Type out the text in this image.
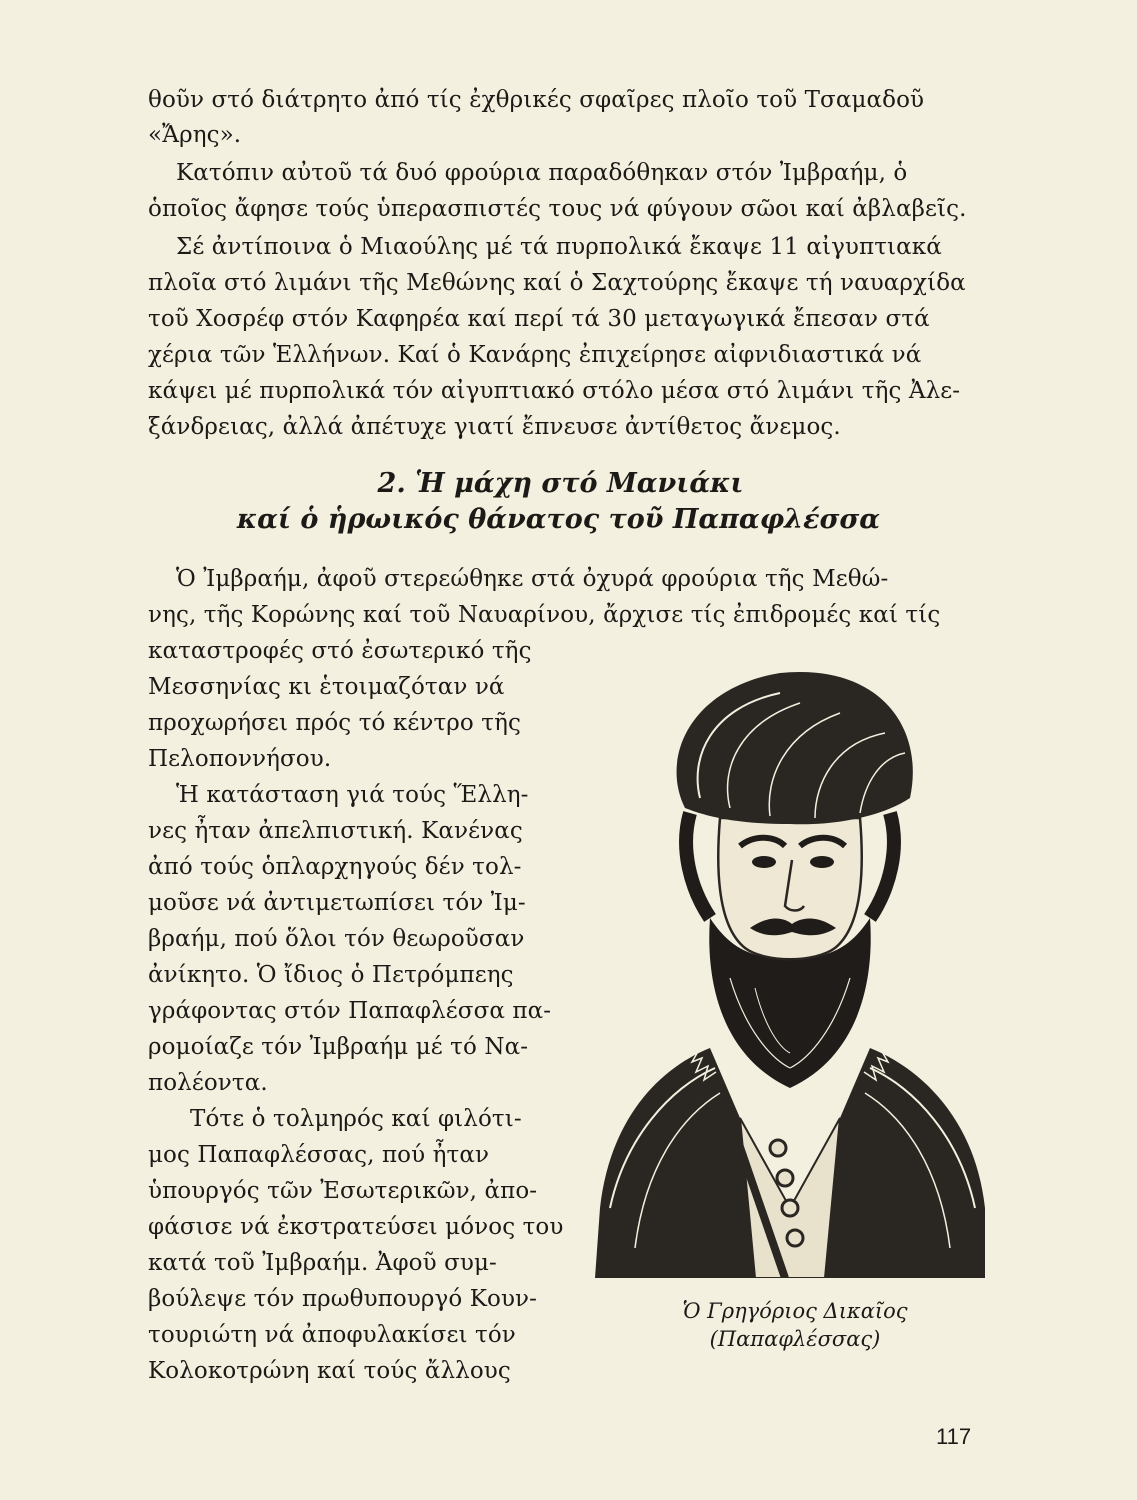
θοῦν στό διάτρητο ἀπό τίς ἐχθρικές σφαῖρες πλοῖο τοῦ Τσαμαδοῦ
«Ἄρης».
Κατόπιν αὐτοῦ τά δυό φρούρια παραδόθηκαν στόν Ἰμβραήμ, ὁ
ὁποῖος ἄφησε τούς ὑπερασπιστές τους νά φύγουν σῶοι καί ἀβλαβεῖς.
Σέ ἀντίποινα ὁ Μιαούλης μέ τά πυρπολικά ἔκαψε 11 αἰγυπτιακά
πλοῖα στό λιμάνι τῆς Μεθώνης καί ὁ Σαχτούρης ἔκαψε τή ναυαρχίδα
τοῦ Χοσρέφ στόν Καφηρέα καί περί τά 30 μεταγωγικά ἔπεσαν στά
χέρια τῶν Ἑλλήνων. Καί ὁ Κανάρης ἐπιχείρησε αἰφνιδιαστικά νά
κάψει μέ πυρπολικά τόν αἰγυπτιακό στόλο μέσα στό λιμάνι τῆς Ἀλε-
ξάνδρειας, ἀλλά ἀπέτυχε γιατί ἔπνευσε ἀντίθετος ἄνεμος.
2. Ἡ μάχη στό Μανιάκι
καί ὁ ἡρωικός θάνατος τοῦ Παπαφλέσσα
Ὁ Ἰμβραήμ, ἀφοῦ στερεώθηκε στά ὀχυρά φρούρια τῆς Μεθώ-
νης, τῆς Κορώνης καί τοῦ Ναυαρίνου, ἄρχισε τίς ἐπιδρομές καί τίς
καταστροφές στό ἐσωτερικό τῆς
Μεσσηνίας κι ἑτοιμαζόταν νά
προχωρήσει πρός τό κέντρο τῆς
Πελοποννήσου.
Ἡ κατάσταση γιά τούς Ἕλλη-
νες ἦταν ἀπελπιστική. Κανένας
ἀπό τούς ὁπλαρχηγούς δέν τολ-
μοῦσε νά ἀντιμετωπίσει τόν Ἰμ-
βραήμ, πού ὅλοι τόν θεωροῦσαν
ἀνίκητο. Ὁ ἴδιος ὁ Πετρόμπεης
γράφοντας στόν Παπαφλέσσα πα-
ρομοίαζε τόν Ἰμβραήμ μέ τό Να-
πολέοντα.
Τότε ὁ τολμηρός καί φιλότι-
μος Παπαφλέσσας, πού ἦταν
ὑπουργός τῶν Ἐσωτερικῶν, ἀπο-
φάσισε νά ἐκστρατεύσει μόνος του
κατά τοῦ Ἰμβραήμ. Ἀφοῦ συμ-
βούλεψε τόν πρωθυπουργό Κουν-
τουριώτη νά ἀποφυλακίσει τόν
Κολοκοτρώνη καί τούς ἄλλους
Ὁ Γρηγόριος Δικαῖος
(Παπαφλέσσας)
117
